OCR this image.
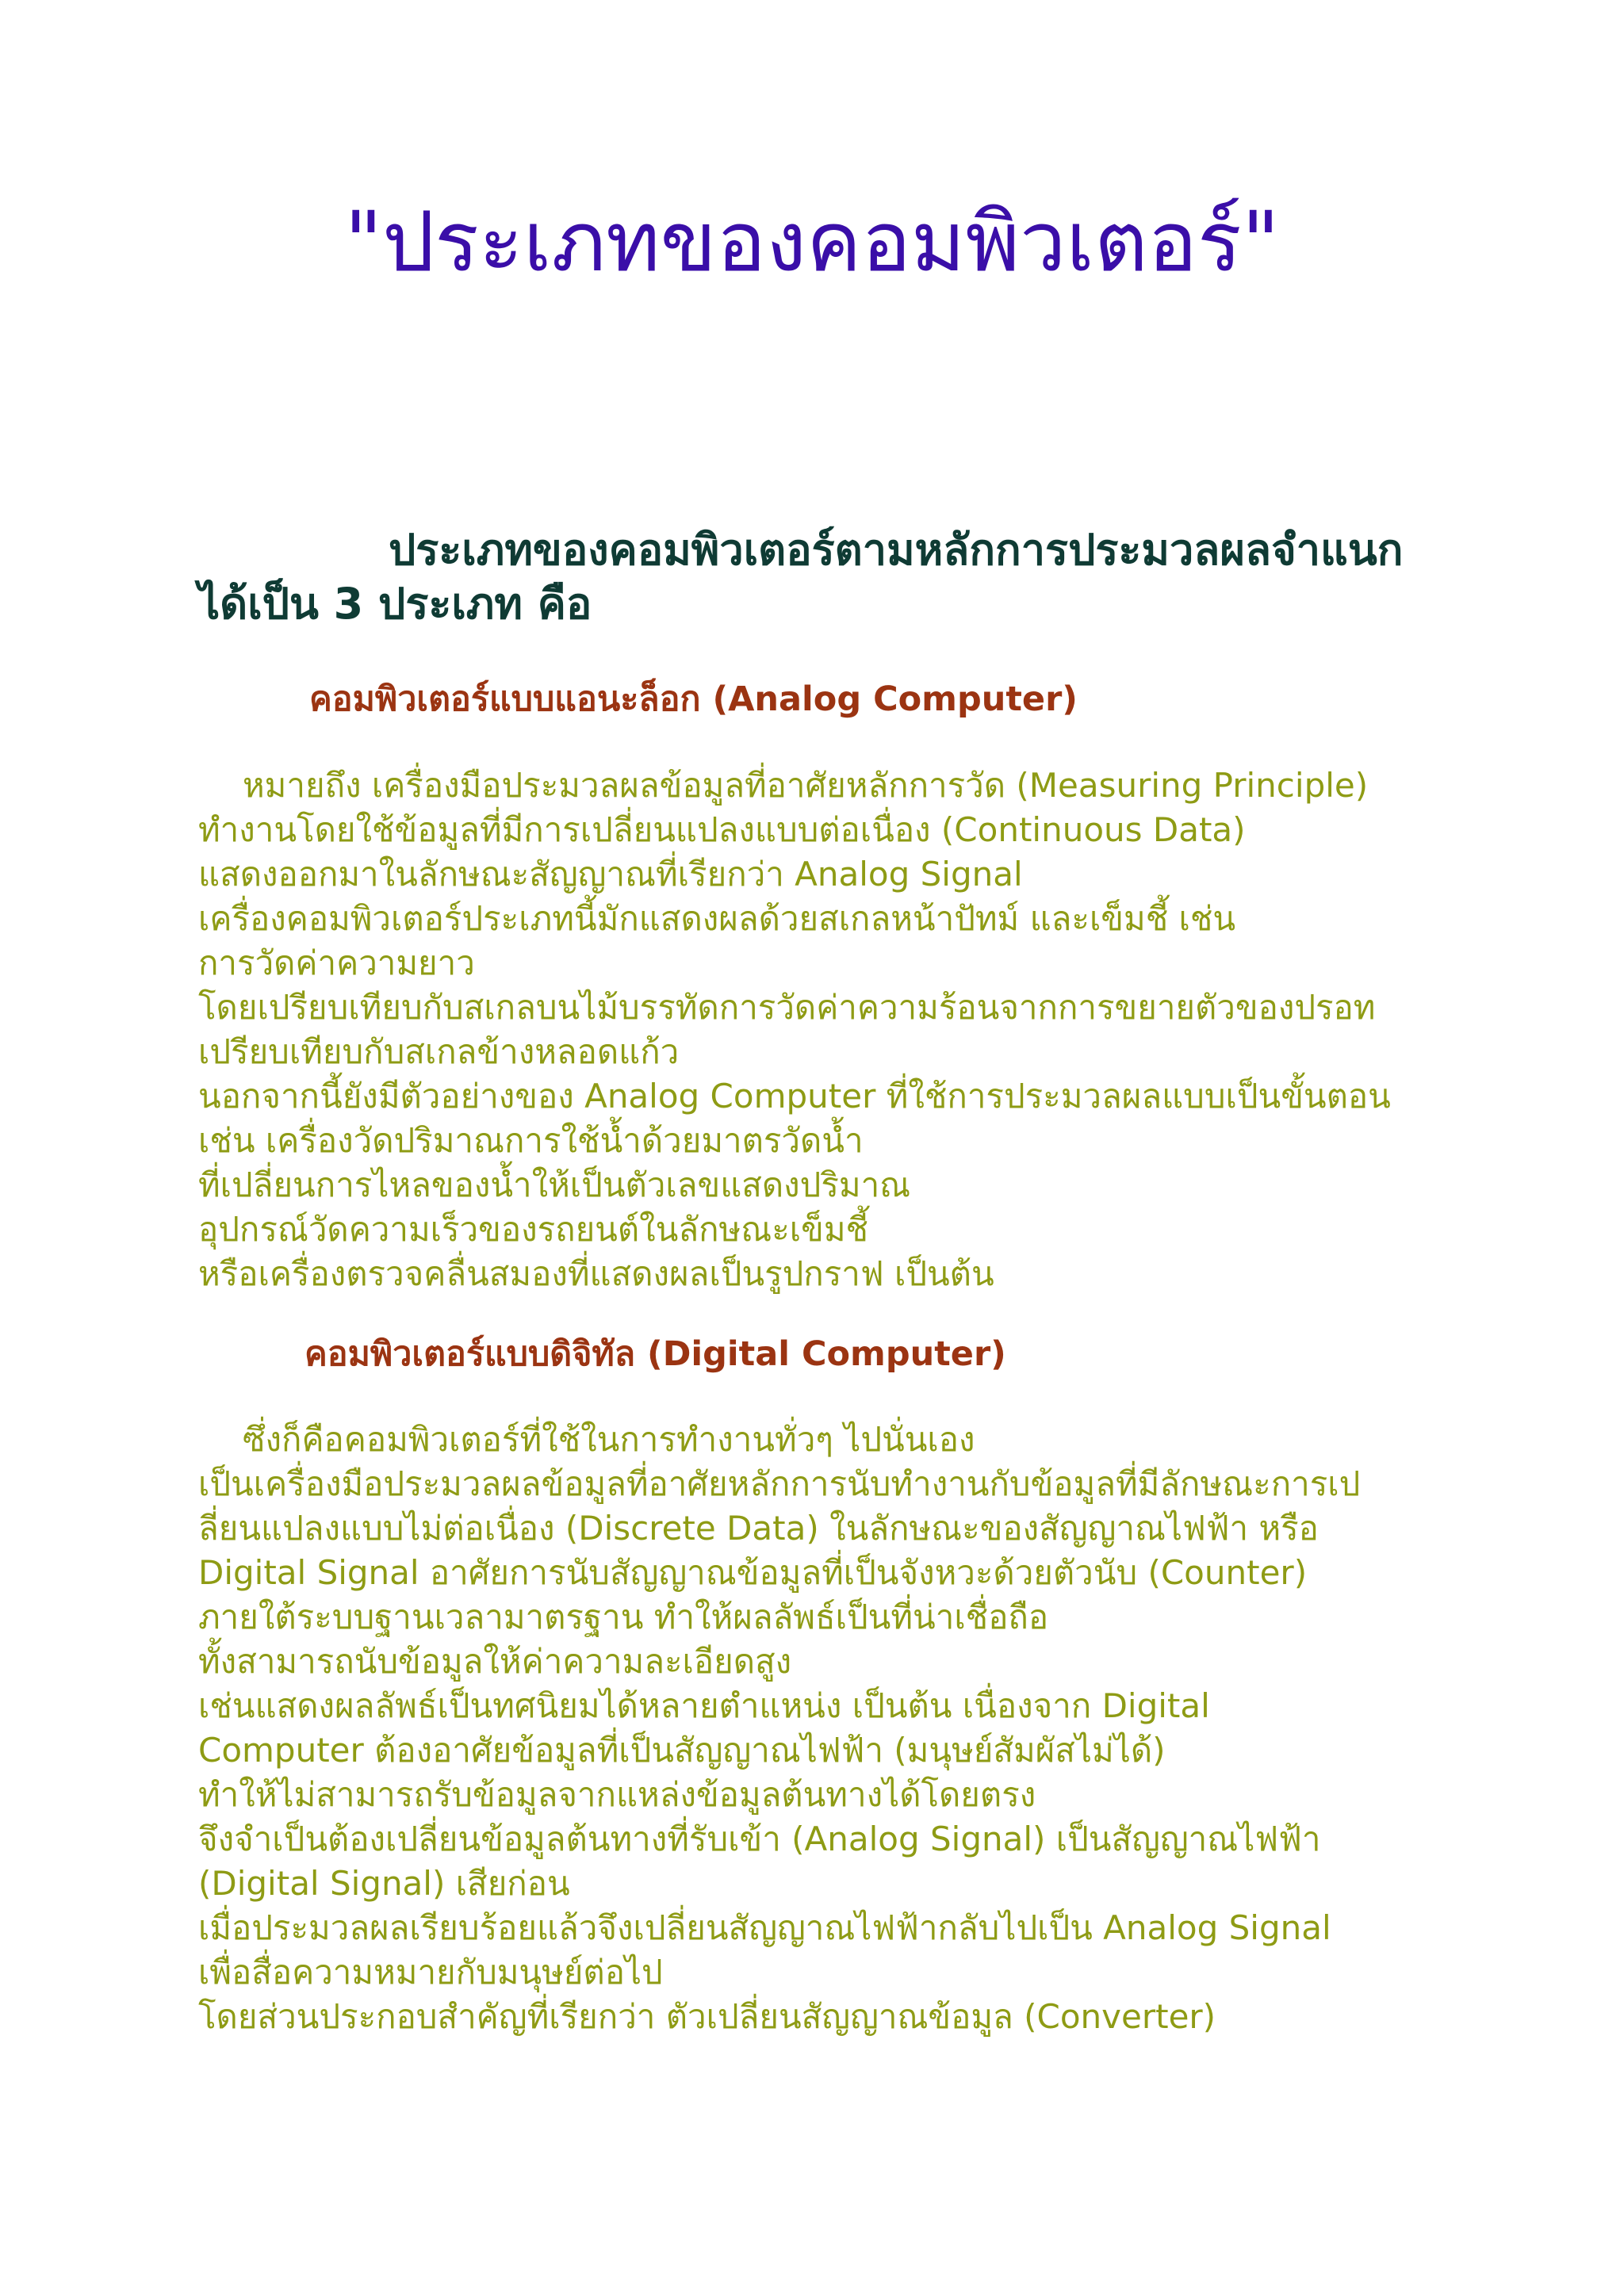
"ประเภทของคอมพิวเตอร์"
ประเภทของคอมพิวเตอร์ตามหลักการประมวลผลจำแนกได้เป็น 3 ประเภท คือ
คอมพิวเตอร์แบบแอนะล็อก (Analog Computer)
หมายถึง เครื่องมือประมวลผลข้อมูลที่อาศัยหลักการวัด (Measuring Principle)
ทำงานโดยใช้ข้อมูลที่มีการเปลี่ยนแปลงแบบต่อเนื่อง (Continuous Data)
แสดงออกมาในลักษณะสัญญาณที่เรียกว่า Analog Signal
เครื่องคอมพิวเตอร์ประเภทนี้มักแสดงผลด้วยสเกลหน้าปัทม์ และเข็มชี้ เช่น
การวัดค่าความยาว
โดยเปรียบเทียบกับสเกลบนไม้บรรทัดการวัดค่าความร้อนจากการขยายตัวของปรอท
เปรียบเทียบกับสเกลข้างหลอดแก้ว
นอกจากนี้ยังมีตัวอย่างของ Analog Computer ที่ใช้การประมวลผลแบบเป็นขั้นตอน
เช่น เครื่องวัดปริมาณการใช้น้ำด้วยมาตรวัดน้ำ
ที่เปลี่ยนการไหลของน้ำให้เป็นตัวเลขแสดงปริมาณ
อุปกรณ์วัดความเร็วของรถยนต์ในลักษณะเข็มชี้
หรือเครื่องตรวจคลื่นสมองที่แสดงผลเป็นรูปกราฟ เป็นต้น
คอมพิวเตอร์แบบดิจิทัล (Digital Computer)
ซึ่งก็คือคอมพิวเตอร์ที่ใช้ในการทำงานทั่วๆ ไปนั่นเอง
เป็นเครื่องมือประมวลผลข้อมูลที่อาศัยหลักการนับทำงานกับข้อมูลที่มีลักษณะการเป
ลี่ยนแปลงแบบไม่ต่อเนื่อง (Discrete Data) ในลักษณะของสัญญาณไฟฟ้า หรือ
Digital Signal อาศัยการนับสัญญาณข้อมูลที่เป็นจังหวะด้วยตัวนับ (Counter)
ภายใต้ระบบฐานเวลามาตรฐาน ทำให้ผลลัพธ์เป็นที่น่าเชื่อถือ
ทั้งสามารถนับข้อมูลให้ค่าความละเอียดสูง
เช่นแสดงผลลัพธ์เป็นทศนิยมได้หลายตำแหน่ง เป็นต้น เนื่องจาก Digital
Computer ต้องอาศัยข้อมูลที่เป็นสัญญาณไฟฟ้า (มนุษย์สัมผัสไม่ได้)
ทำให้ไม่สามารถรับข้อมูลจากแหล่งข้อมูลต้นทางได้โดยตรง
จึงจำเป็นต้องเปลี่ยนข้อมูลต้นทางที่รับเข้า (Analog Signal) เป็นสัญญาณไฟฟ้า
(Digital Signal) เสียก่อน
เมื่อประมวลผลเรียบร้อยแล้วจึงเปลี่ยนสัญญาณไฟฟ้ากลับไปเป็น Analog Signal
เพื่อสื่อความหมายกับมนุษย์ต่อไป
โดยส่วนประกอบสำคัญที่เรียกว่า ตัวเปลี่ยนสัญญาณข้อมูล (Converter)
